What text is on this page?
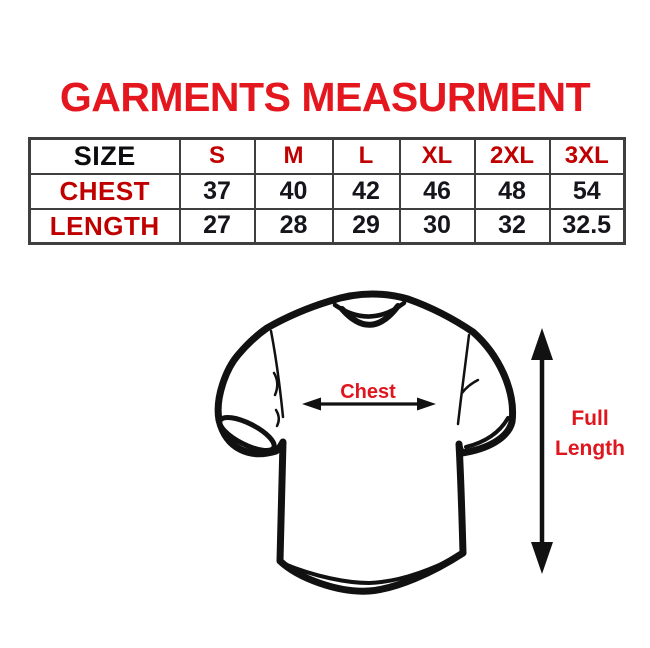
GARMENTS MEASURMENT
SIZE	S	M	L	XL	2XL	3XL
CHEST	37	40	42	46	48	54
LENGTH	27	28	29	30	32	32.5
Chest
Full Length
